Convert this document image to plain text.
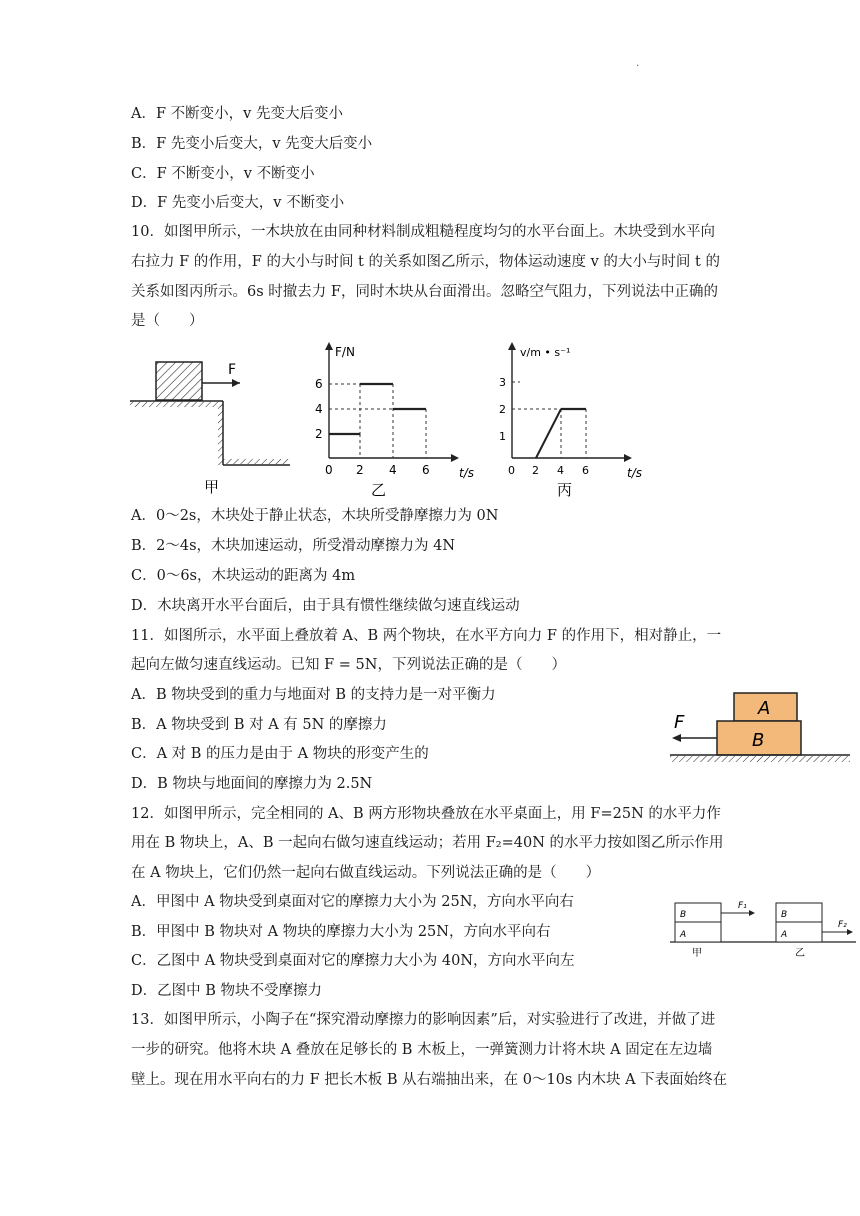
.
A．F 不断变小，v 先变大后变小
B．F 先变小后变大，v 先变大后变小
C．F 不断变小，v 不断变小
D．F 先变小后变大，v 不断变小
10．如图甲所示，一木块放在由同种材料制成粗糙程度均匀的水平台面上。木块受到水平向
右拉力 F 的作用，F 的大小与时间 t 的关系如图乙所示，物体运动速度 v 的大小与时间 t 的
关系如图丙所示。6s 时撤去力 F，同时木块从台面滑出。忽略空气阻力，下列说法中正确的
是（　　）
F
甲
F/N
t/s
2
4
6
0 2 4 6
乙
v/m • s⁻¹
t/s
1
2
3
0 2 4 6
丙
A．0～2s，木块处于静止状态，木块所受静摩擦力为 0N
B．2～4s，木块加速运动，所受滑动摩擦力为 4N
C．0～6s，木块运动的距离为 4m
D．木块离开水平台面后，由于具有惯性继续做匀速直线运动
11．如图所示，水平面上叠放着 A、B 两个物块，在水平方向力 F 的作用下，相对静止，一
起向左做匀速直线运动。已知 F = 5N，下列说法正确的是（　　）
A．B 物块受到的重力与地面对 B 的支持力是一对平衡力
B．A 物块受到 B 对 A 有 5N 的摩擦力
C．A 对 B 的压力是由于 A 物块的形变产生的
D．B 物块与地面间的摩擦力为 2.5N
A
B
F
12．如图甲所示，完全相同的 A、B 两方形物块叠放在水平桌面上，用 F=25N 的水平力作
用在 B 物块上，A、B 一起向右做匀速直线运动；若用 F₂=40N 的水平力按如图乙所示作用
在 A 物块上，它们仍然一起向右做直线运动。下列说法正确的是（　　）
A．甲图中 A 物块受到桌面对它的摩擦力大小为 25N，方向水平向右
B．甲图中 B 物块对 A 物块的摩擦力大小为 25N，方向水平向右
C．乙图中 A 物块受到桌面对它的摩擦力大小为 40N，方向水平向左
D．乙图中 B 物块不受摩擦力
B
A
F₁
甲
B
A
F₂
乙
13．如图甲所示，小陶子在“探究滑动摩擦力的影响因素”后，对实验进行了改进，并做了进
一步的研究。他将木块 A 叠放在足够长的 B 木板上，一弹簧测力计将木块 A 固定在左边墙
壁上。现在用水平向右的力 F 把长木板 B 从右端抽出来，在 0～10s 内木块 A 下表面始终在
